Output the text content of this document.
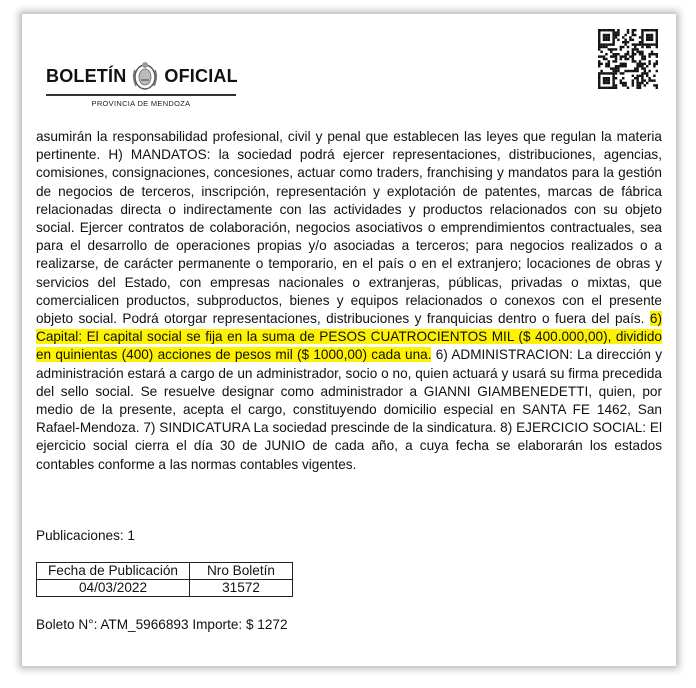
BOLETÍN OFICIAL
PROVINCIA DE MENDOZA
asumirán la responsabilidad profesional, civil y penal que establecen las leyes que regulan la materia pertinente. H) MANDATOS: la sociedad podrá ejercer representaciones, distribuciones, agencias, comisiones, consignaciones, concesiones, actuar como traders, franchising y mandatos para la gestión de negocios de terceros, inscripción, representación y explotación de patentes, marcas de fábrica relacionadas directa o indirectamente con las actividades y productos relacionados con su objeto social. Ejercer contratos de colaboración, negocios asociativos o emprendimientos contractuales, sea para el desarrollo de operaciones propias y/o asociadas a terceros; para negocios realizados o a realizarse, de carácter permanente o temporario, en el país o en el extranjero; locaciones de obras y servicios del Estado, con empresas nacionales o extranjeras, públicas, privadas o mixtas, que comercialicen productos, subproductos, bienes y equipos relacionados o conexos con el presente objeto social. Podrá otorgar representaciones, distribuciones y franquicias dentro o fuera del país. 6) Capital: El capital social se fija en la suma de PESOS CUATROCIENTOS MIL ($ 400.000,00), dividido en quinientas (400) acciones de pesos mil ($ 1000,00) cada una. 6) ADMINISTRACION: La dirección y administración estará a cargo de un administrador, socio o no, quien actuará y usará su firma precedida del sello social. Se resuelve designar como administrador a GIANNI GIAMBENEDETTI, quien, por medio de la presente, acepta el cargo, constituyendo domicilio especial en SANTA FE 1462, San Rafael-Mendoza. 7) SINDICATURA La sociedad prescinde de la sindicatura. 8) EJERCICIO SOCIAL: El ejercicio social cierra el día 30 de JUNIO de cada año, a cuya fecha se elaborarán los estados contables conforme a las normas contables vigentes.
Publicaciones: 1
Fecha de Publicación	Nro Boletín
04/03/2022	31572
Boleto N°: ATM_5966893 Importe: $ 1272
